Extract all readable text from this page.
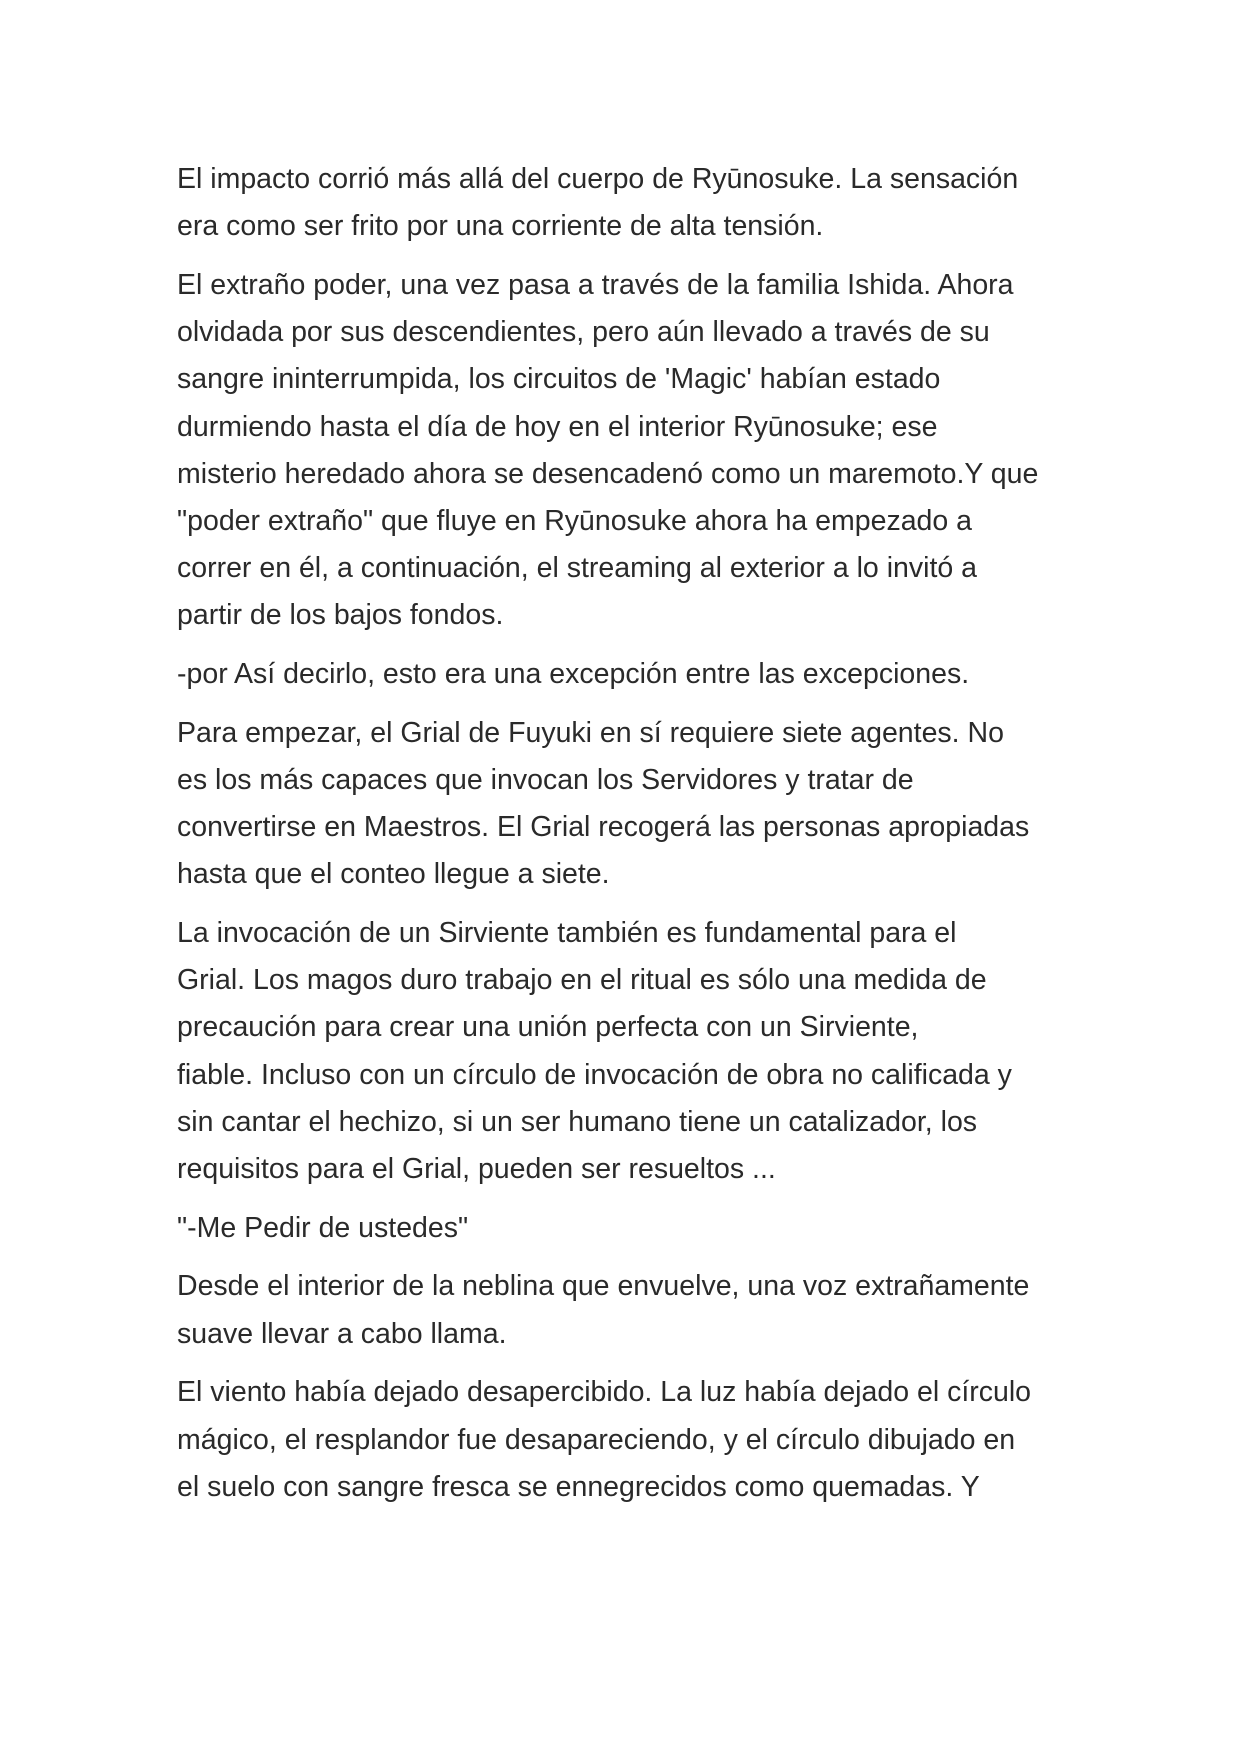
El impacto corrió más allá del cuerpo de Ryūnosuke. La sensación
era como ser frito por una corriente de alta tensión.

El extraño poder, una vez pasa a través de la familia Ishida. Ahora
olvidada por sus descendientes, pero aún llevado a través de su
sangre ininterrumpida, los circuitos de 'Magic' habían estado
durmiendo hasta el día de hoy en el interior Ryūnosuke; ese
misterio heredado ahora se desencadenó como un maremoto.Y que
"poder extraño" que fluye en Ryūnosuke ahora ha empezado a
correr en él, a continuación, el streaming al exterior a lo invitó a
partir de los bajos fondos.

-por Así decirlo, esto era una excepción entre las excepciones.

Para empezar, el Grial de Fuyuki en sí requiere siete agentes. No
es los más capaces que invocan los Servidores y tratar de
convertirse en Maestros. El Grial recogerá las personas apropiadas
hasta que el conteo llegue a siete.

La invocación de un Sirviente también es fundamental para el
Grial. Los magos duro trabajo en el ritual es sólo una medida de
precaución para crear una unión perfecta con un Sirviente,
fiable. Incluso con un círculo de invocación de obra no calificada y
sin cantar el hechizo, si un ser humano tiene un catalizador, los
requisitos para el Grial, pueden ser resueltos ...

"-Me Pedir de ustedes"

Desde el interior de la neblina que envuelve, una voz extrañamente
suave llevar a cabo llama.

El viento había dejado desapercibido. La luz había dejado el círculo
mágico, el resplandor fue desapareciendo, y el círculo dibujado en
el suelo con sangre fresca se ennegrecidos como quemadas. Y
